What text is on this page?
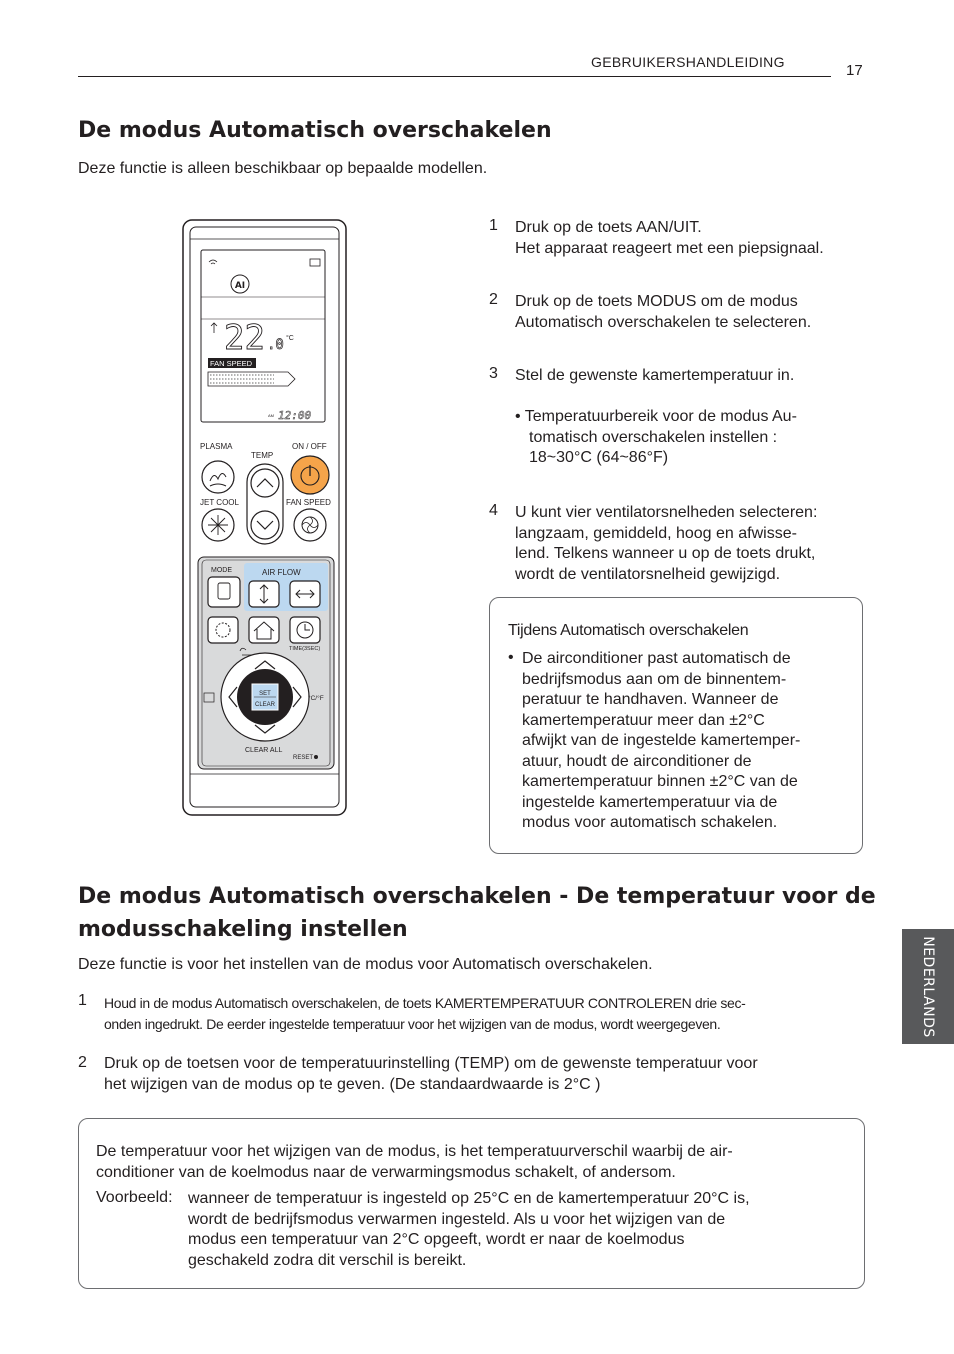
GEBRUIKERSHANDLEIDING	17
De modus Automatisch overschakelen
Deze functie is alleen beschikbaar op bepaalde modellen.
1 Druk op de toets AAN/UIT.
Het apparaat reageert met een piepsignaal.
2 Druk op de toets MODUS om de modus
Automatisch overschakelen te selecteren.
3 Stel de gewenste kamertemperatuur in.
• Temperatuurbereik voor de modus Au-
tomatisch overschakelen instellen :
18~30°C (64~86°F)
4 U kunt vier ventilatorsnelheden selecteren:
langzaam, gemiddeld, hoog en afwisse-
lend. Telkens wanneer u op de toets drukt,
wordt de ventilatorsnelheid gewijzigd.
Tijdens Automatisch overschakelen
• De airconditioner past automatisch de
bedrijfsmodus aan om de binnentem-
peratuur te handhaven. Wanneer de
kamertemperatuur meer dan ±2°C
afwijkt van de ingestelde kamertemper-
atuur, houdt de airconditioner de
kamertemperatuur binnen ±2°C van de
ingestelde kamertemperatuur via de
modus voor automatisch schakelen.
AI
22 .0 °C
FAN SPEED
AM 12:00
PLASMA
TEMP
ON / OFF
JET COOL	FAN SPEED
MODE	AIR FLOW
TIME(3SEC)
SET
CLEAR
°C/°F
CLEAR ALL
RESET
De modus Automatisch overschakelen - De temperatuur voor de
modusschakeling instellen
Deze functie is voor het instellen van de modus voor Automatisch overschakelen.
1 Houd in de modus Automatisch overschakelen, de toets KAMERTEMPERATUUR CONTROLEREN drie sec-
onden ingedrukt. De eerder ingestelde temperatuur voor het wijzigen van de modus, wordt weergegeven.
2 Druk op de toetsen voor de temperatuurinstelling (TEMP) om de gewenste temperatuur voor
het wijzigen van de modus op te geven. (De standaardwaarde is 2°C )
De temperatuur voor het wijzigen van de modus, is het temperatuurverschil waarbij de air-
conditioner van de koelmodus naar de verwarmingsmodus schakelt, of andersom.
Voorbeeld: wanneer de temperatuur is ingesteld op 25°C en de kamertemperatuur 20°C is,
wordt de bedrijfsmodus verwarmen ingesteld. Als u voor het wijzigen van de
modus een temperatuur van 2°C opgeeft, wordt er naar de koelmodus
geschakeld zodra dit verschil is bereikt.
NEDERLANDS
